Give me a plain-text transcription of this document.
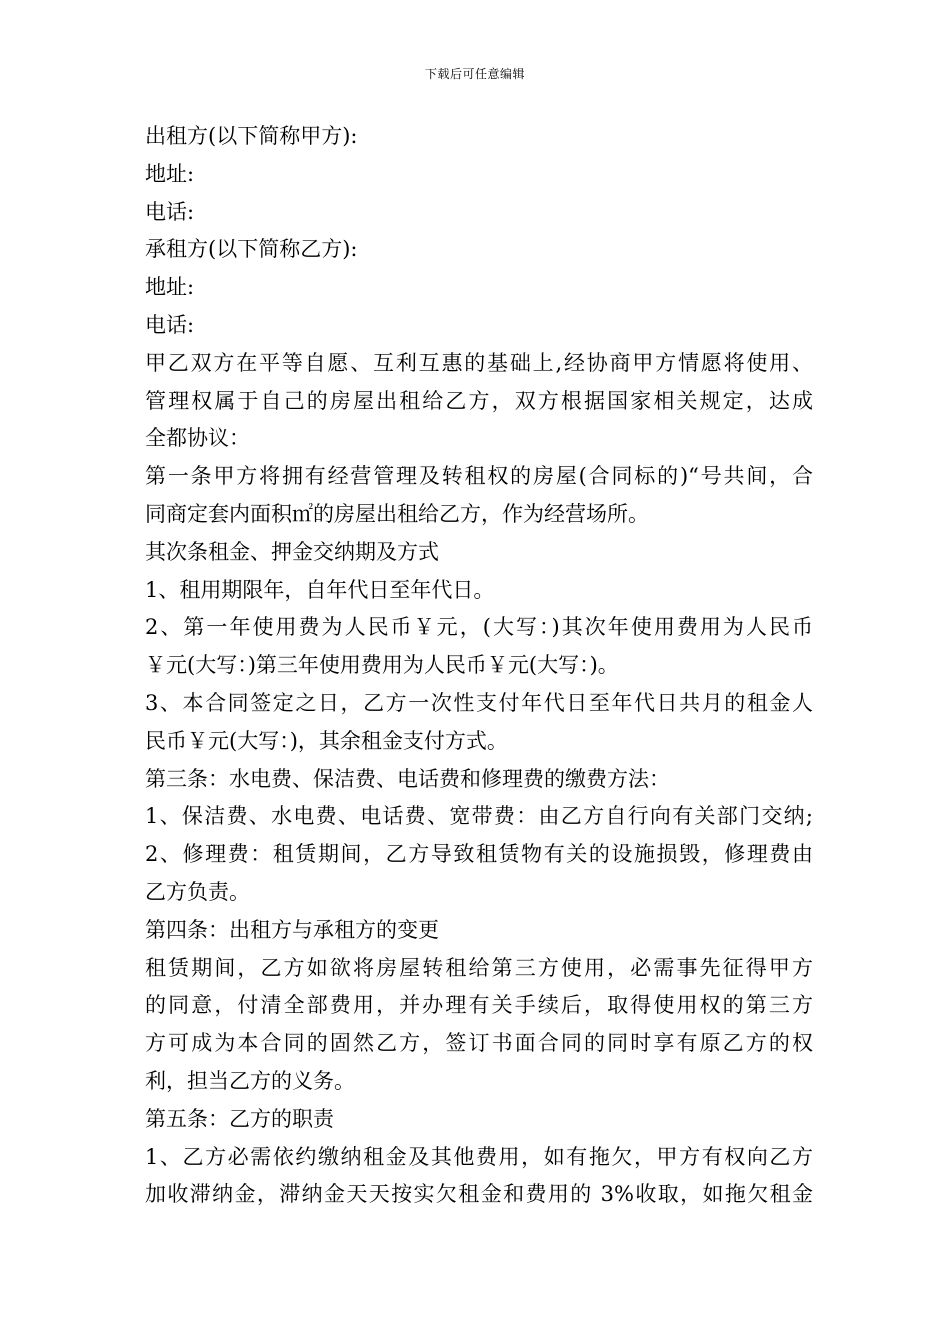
下载后可任意编辑
出租方(以下简称甲方):
地址:
电话:
承租方(以下简称乙方):
地址:
电话:
甲乙双方在平等自愿、互利互惠的基础上,经协商甲方情愿将使用、
管理权属于自己的房屋出租给乙方，双方根据国家相关规定，达成
全都协议：
第一条甲方将拥有经营管理及转租权的房屋(合同标的)“号共间，合
同商定套内面积㎡的房屋出租给乙方，作为经营场所。
其次条租金、押金交纳期及方式
1、租用期限年，自年代日至年代日。
2、第一年使用费为人民币￥元，(大写：)其次年使用费用为人民币
￥元(大写：)第三年使用费用为人民币￥元(大写：)。
3、本合同签定之日，乙方一次性支付年代日至年代日共月的租金人
民币￥元(大写：)，其余租金支付方式。
第三条：水电费、保洁费、电话费和修理费的缴费方法：
1、保洁费、水电费、电话费、宽带费：由乙方自行向有关部门交纳;
2、修理费：租赁期间，乙方导致租赁物有关的设施损毁，修理费由
乙方负责。
第四条：出租方与承租方的变更
租赁期间，乙方如欲将房屋转租给第三方使用，必需事先征得甲方
的同意，付清全部费用，并办理有关手续后，取得使用权的第三方
方可成为本合同的固然乙方，签订书面合同的同时享有原乙方的权
利，担当乙方的义务。
第五条：乙方的职责
1、乙方必需依约缴纳租金及其他费用，如有拖欠，甲方有权向乙方
加收滞纳金，滞纳金天天按实欠租金和费用的 3%收取，如拖欠租金
